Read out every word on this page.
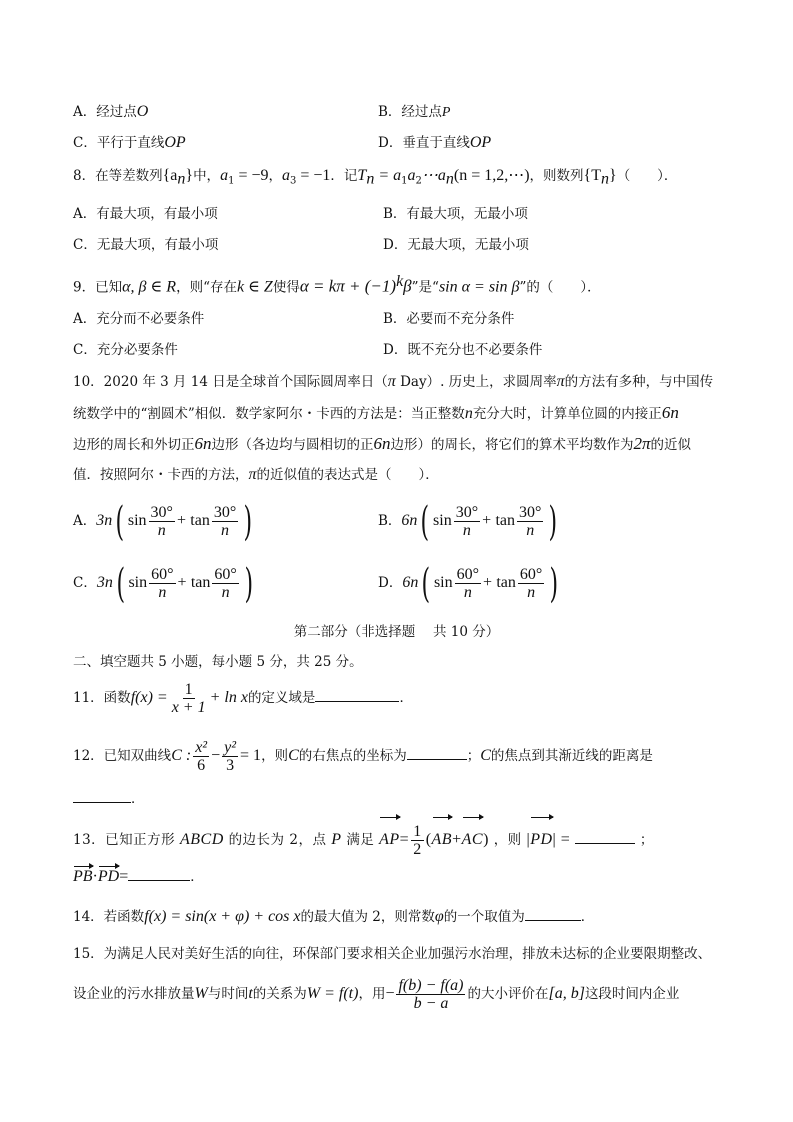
A．经过点O	B．经过点P
C．平行于直线OP	D．垂直于直线OP
8．在等差数列$\{a_n\}$中，$a_1 = -9$，$a_3 = -1$．记$T_n$ = $a_1a_2\cdots a_n(n$ = 1,2,⋯)，则数列$\{T_n\}$（　　）．
A．有最大项，有最小项	B．有最大项，无最小项
C．无最大项，有最小项	D．无最大项，无最小项
9．已知α, β ∈ R，则“存在k ∈ Z使得$\alpha = k\pi + (-1)^k\beta$”是“sin α = sin β”的（　　）．
A．充分而不必要条件	B．必要而不充分条件
C．充分必要条件	D．既不充分也不必要条件
10．2020 年 3 月 14 日是全球首个国际圆周率日（π Day）. 历史上，求圆周率π的方法有多种，与中国传
统数学中的“割圆术”相似．数学家阿尔・卡西的方法是：当正整数n充分大时，计算单位圆的内接正6n
边形的周长和外切正6n边形（各边均与圆相切的正6n边形）的周长，将它们的算术平均数作为2π的近似
值．按照阿尔・卡西的方法，π的近似值的表达式是（　　）．
A．3n( $\sin \frac{30^\circ}{n} + \tan \frac{30^\circ}{n}$ )	B．6n( $\sin \frac{30^\circ}{n} + \tan \frac{30^\circ}{n}$ )
C．3n( $\sin \frac{60^\circ}{n} + \tan \frac{60^\circ}{n}$ )	D．6n( $\sin \frac{60^\circ}{n} + \tan \frac{60^\circ}{n}$ )
第二部分（非选择题　 共 10 分）
二、填空题共 5 小题，每小题 5 分，共 25 分。
11．函数$f(x) = \frac{1}{x + 1} + \ln x$的定义域是	．
12．已知双曲线C : $\frac{\text{x²}}{6} - \frac{\text{y²}}{3} = 1$，则C的右焦点的坐标为	；C的焦点到其渐近线的距离是
．
13．已知正方形 ABCD 的边长为 2，点 P 满足 $AP= \frac{1}{2} (AB+AC)$ ，则 |PD| =	；
PB·PD=	．
14．若函数f(x) = sin(x + φ) + cos x的最大值为 2，则常数φ的一个取值为	．
15．为满足人民对美好生活的向往，环保部门要求相关企业加强污水治理，排放未达标的企业要限期整改、
设企业的污水排放量W与时间t的关系为W = f(t)，用− $\frac{f(b) - f(a)}{b - a}$ 的大小评价在[a, b]这段时间内企业
